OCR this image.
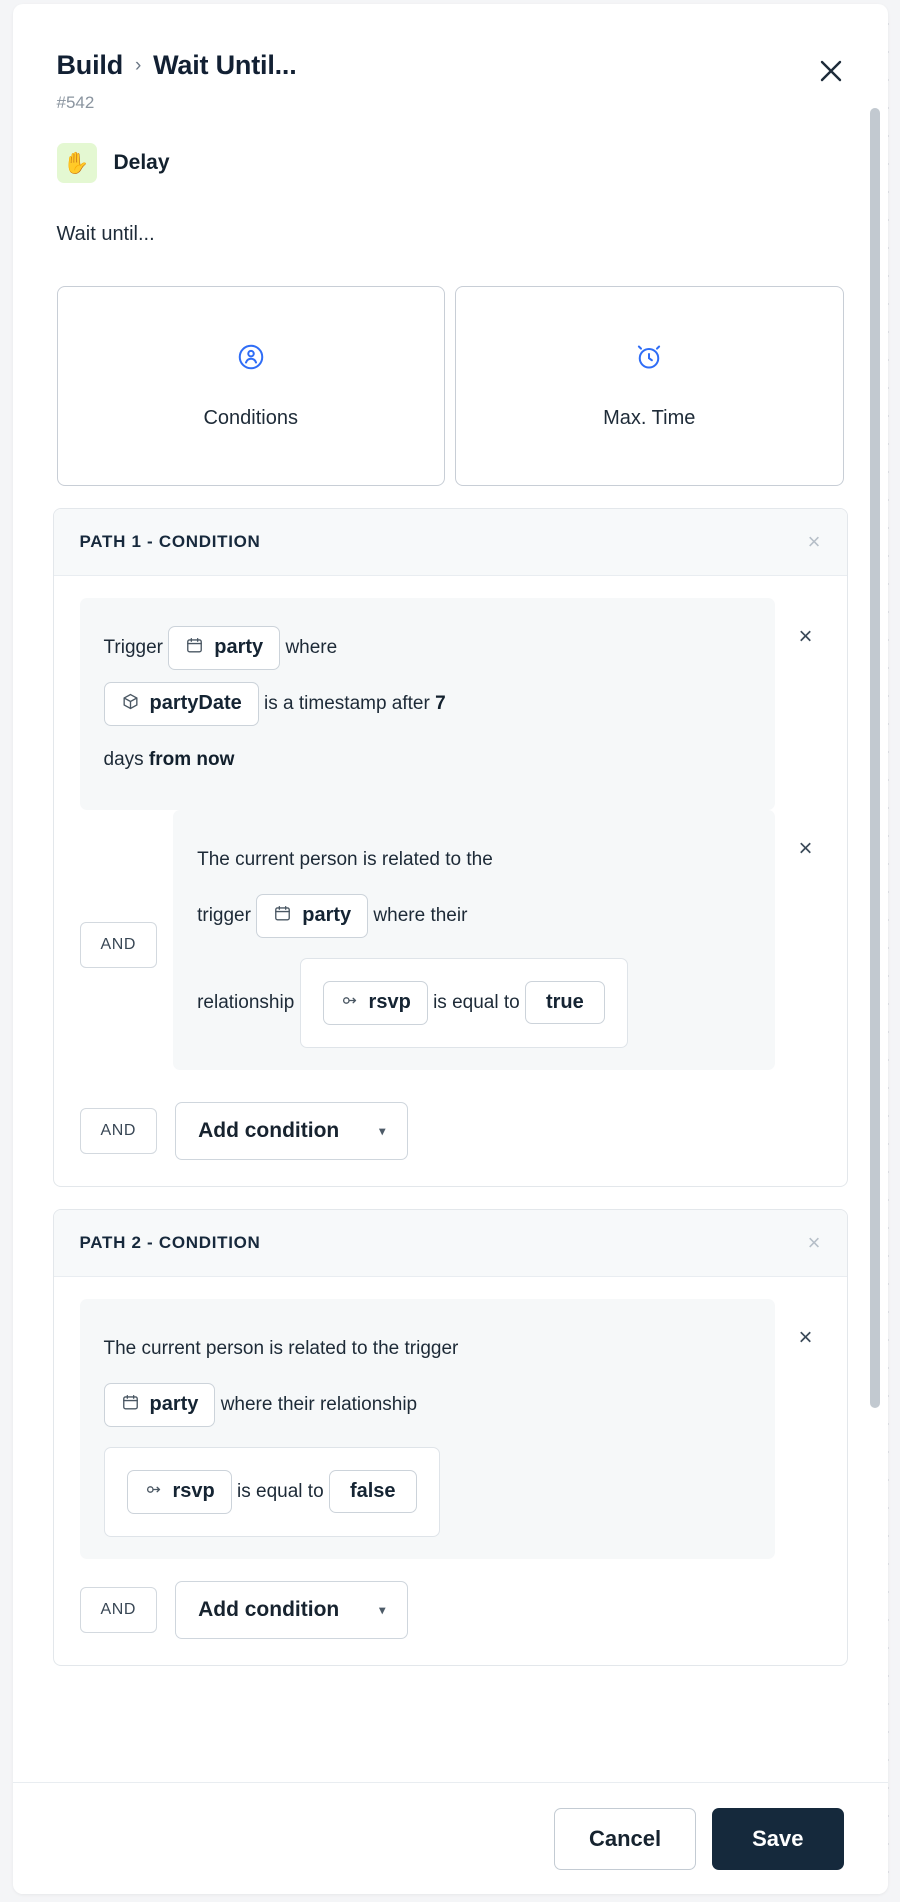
Build › Wait Until...
#542
✋	Delay
Wait until...
Conditions	Max. Time
PATH 1 - CONDITION	×
Trigger	party where

partyDate is a timestamp after 7
days from now
×
AND
The current person is related to the
trigger	party where their
relationship	rsvp is equal to true
×
AND	Add condition	▾
PATH 2 - CONDITION	×
The current person is related to the trigger

party where their relationship
rsvp is equal to false
×
AND	Add condition	▾
Cancel	Save
